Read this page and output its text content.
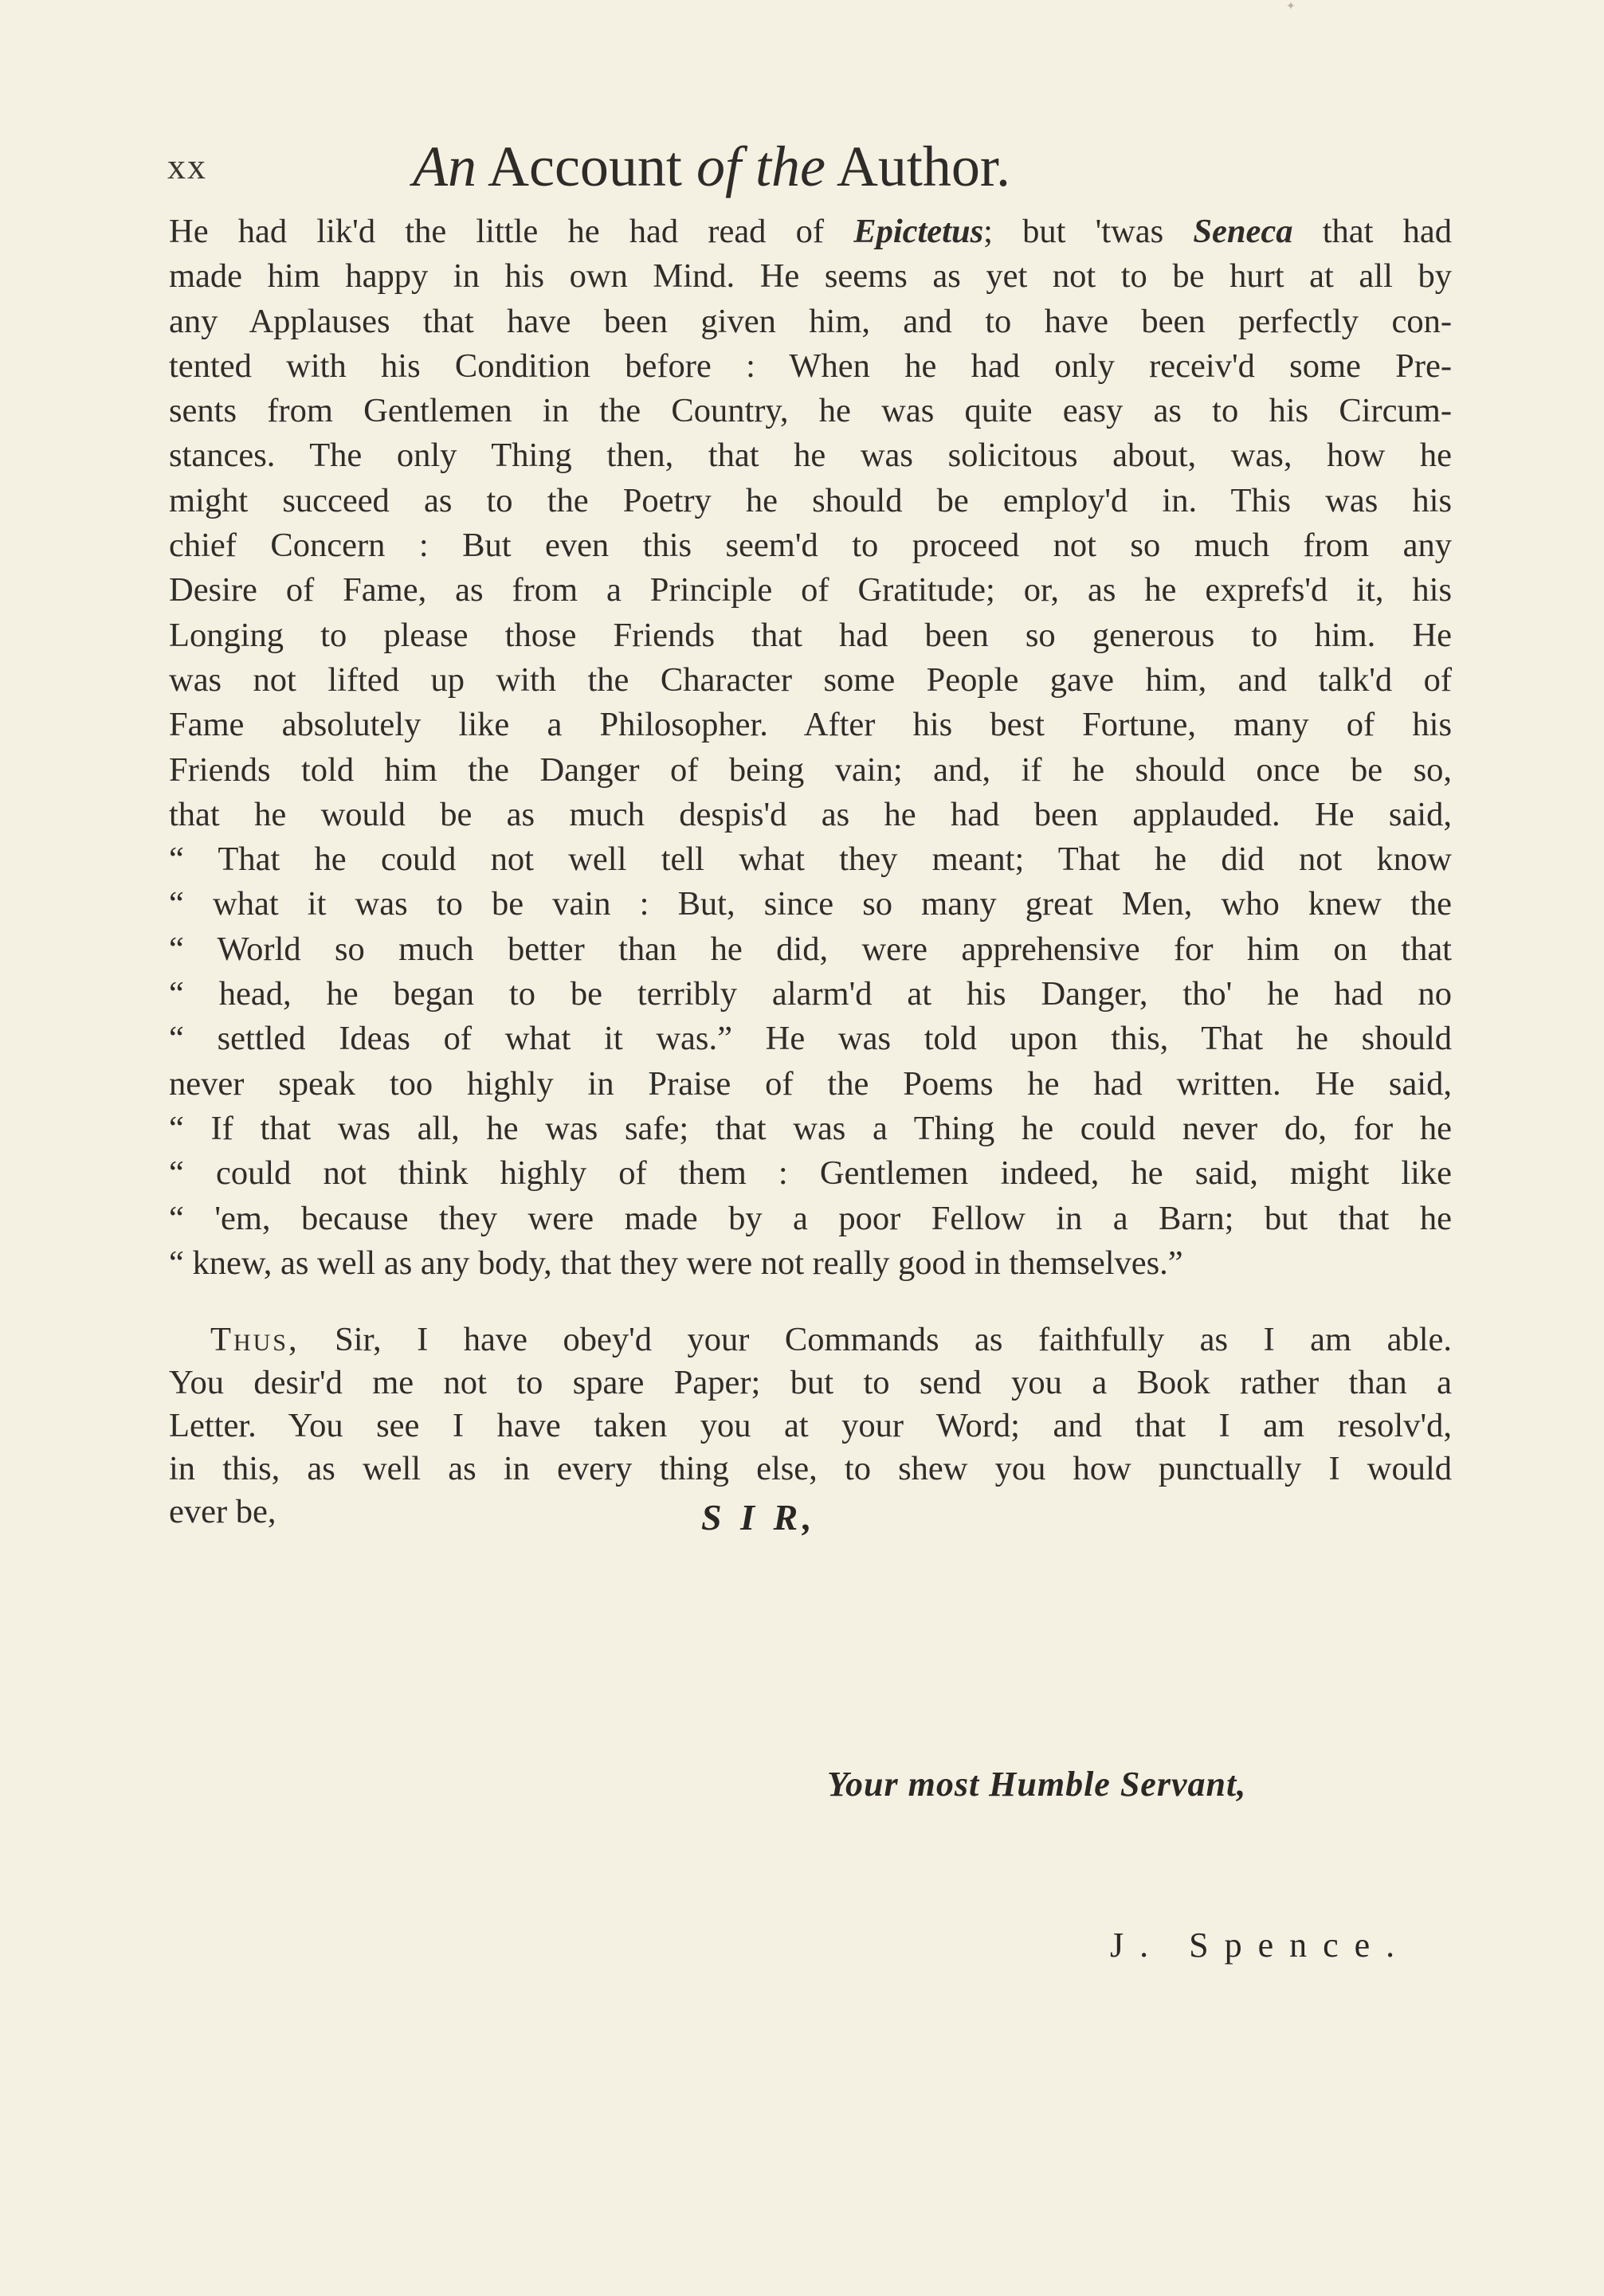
✦
xx	An Account of the Author.
He had lik'd the little he had read of Epictetus; but 'twas Seneca that had
made him happy in his own Mind. He seems as yet not to be hurt at all by
any Applauses that have been given him, and to have been perfectly con-
tented with his Condition before : When he had only receiv'd some Pre-
sents from Gentlemen in the Country, he was quite easy as to his Circum-
stances. The only Thing then, that he was solicitous about, was, how he
might succeed as to the Poetry he should be employ'd in. This was his
chief Concern : But even this seem'd to proceed not so much from any
Desire of Fame, as from a Principle of Gratitude; or, as he exprefs'd it, his
Longing to please those Friends that had been so generous to him. He
was not lifted up with the Character some People gave him, and talk'd of
Fame absolutely like a Philosopher. After his best Fortune, many of his
Friends told him the Danger of being vain; and, if he should once be so,
that he would be as much despis'd as he had been applauded. He said,
“ That he could not well tell what they meant; That he did not know
“ what it was to be vain : But, since so many great Men, who knew the
“ World so much better than he did, were apprehensive for him on that
“ head, he began to be terribly alarm'd at his Danger, tho' he had no
“ settled Ideas of what it was.” He was told upon this, That he should
never speak too highly in Praise of the Poems he had written. He said,
“ If that was all, he was safe; that was a Thing he could never do, for he
“ could not think highly of them : Gentlemen indeed, he said, might like
“ 'em, because they were made by a poor Fellow in a Barn; but that he
“ knew, as well as any body, that they were not really good in themselves.”
Thus, Sir, I have obey'd your Commands as faithfully as I am able.
You desir'd me not to spare Paper; but to send you a Book rather than a
Letter. You see I have taken you at your Word; and that I am resolv'd,
in this, as well as in every thing else, to shew you how punctually I would
ever be,	S I R,
Your most Humble Servant,
J. Spence.
